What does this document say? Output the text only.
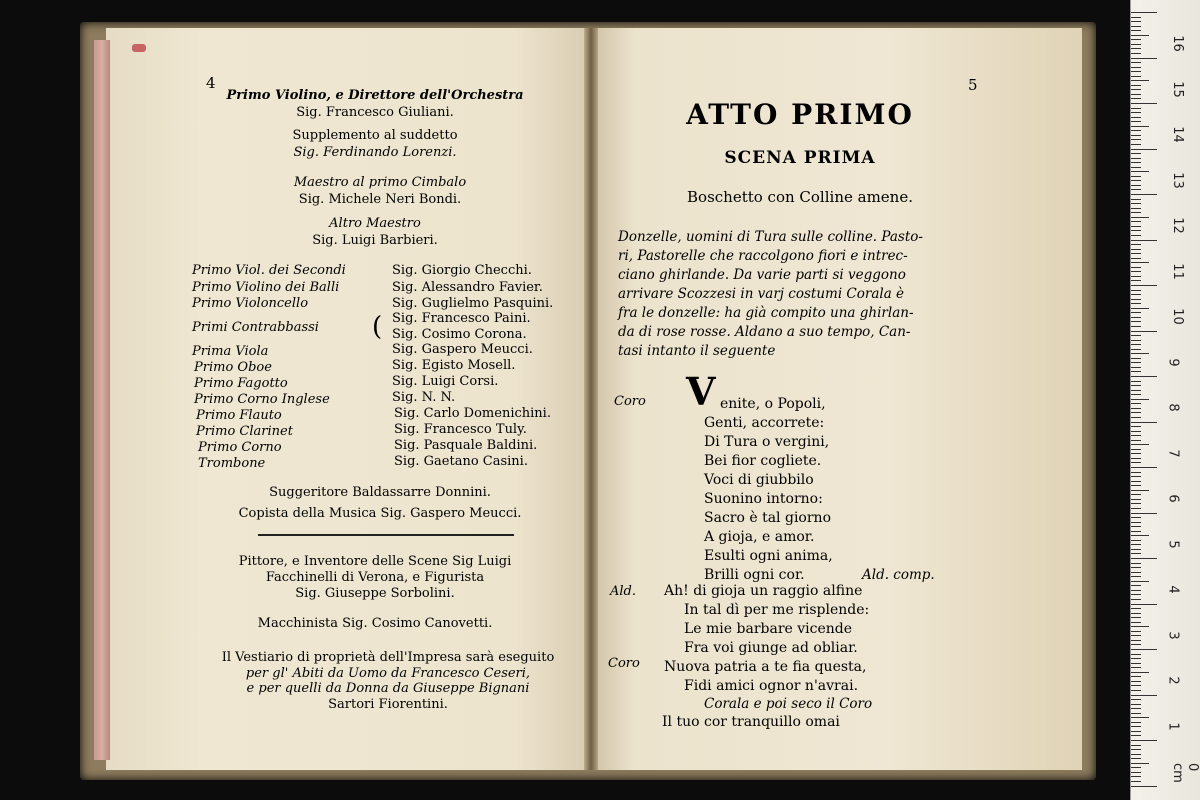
4
Primo Violino, e Direttore dell'Orchestra
Sig. Francesco Giuliani.
Supplemento al suddetto
Sig. Ferdinando Lorenzi.
Maestro al primo Cimbalo
Sig. Michele Neri Bondi.
Altro Maestro
Sig. Luigi Barbieri.
Primo Viol. dei Secondi
Primo Violino dei Balli
Primo Violoncello
Primi Contrabbassi
Prima Viola
Primo Oboe
Primo Fagotto
Primo Corno Inglese
Primo Flauto
Primo Clarinet
Primo Corno
Trombone
Sig. Giorgio Checchi.
Sig. Alessandro Favier.
Sig. Guglielmo Pasquini.
Sig. Francesco Paini.
Sig. Cosimo Corona.
Sig. Gaspero Meucci.
Sig. Egisto Mosell.
Sig. Luigi Corsi.
Sig. N. N.
Sig. Carlo Domenichini.
Sig. Francesco Tuly.
Sig. Pasquale Baldini.
Sig. Gaetano Casini.
(
Suggeritore Baldassarre Donnini.
Copista della Musica Sig. Gaspero Meucci.
Pittore, e Inventore delle Scene Sig Luigi
Facchinelli di Verona, e Figurista
Sig. Giuseppe Sorbolini.
Macchinista Sig. Cosimo Canovetti.
Il Vestiario di proprietà dell'Impresa sarà eseguito
per gl' Abiti da Uomo da Francesco Ceseri,
e per quelli da Donna da Giuseppe Bignani
Sartori Fiorentini.
5
ATTO PRIMO
SCENA PRIMA
Boschetto con Colline amene.
Donzelle, uomini di Tura sulle colline. Pasto-
ri, Pastorelle che raccolgono fiori e intrec-
ciano ghirlande. Da varie parti si veggono
arrivare Scozzesi in varj costumi Corala è
fra le donzelle: ha già compito una ghirlan-
da di rose rosse. Aldano a suo tempo, Can-
tasi intanto il seguente
Coro
Ald.
Coro
V enite, o Popoli,
Genti, accorrete:
Di Tura o vergini,
Bei fior cogliete.
Voci di giubbilo
Suonino intorno:
Sacro è tal giorno
A gioja, e amor.
Esulti ogni anima,
Brilli ogni cor.	Ald. comp.
Ah! di gioja un raggio alfine
In tal dì per me risplende:
Le mie barbare vicende
Fra voi giunge ad obliar.
Nuova patria a te fia questa,
Fidi amici ognor n'avrai.
Corala e poi seco il Coro
Il tuo cor tranquillo omai
16
15
14
13
12
11
10
9
8
7
6
5
4
3
2
1
0 cm
